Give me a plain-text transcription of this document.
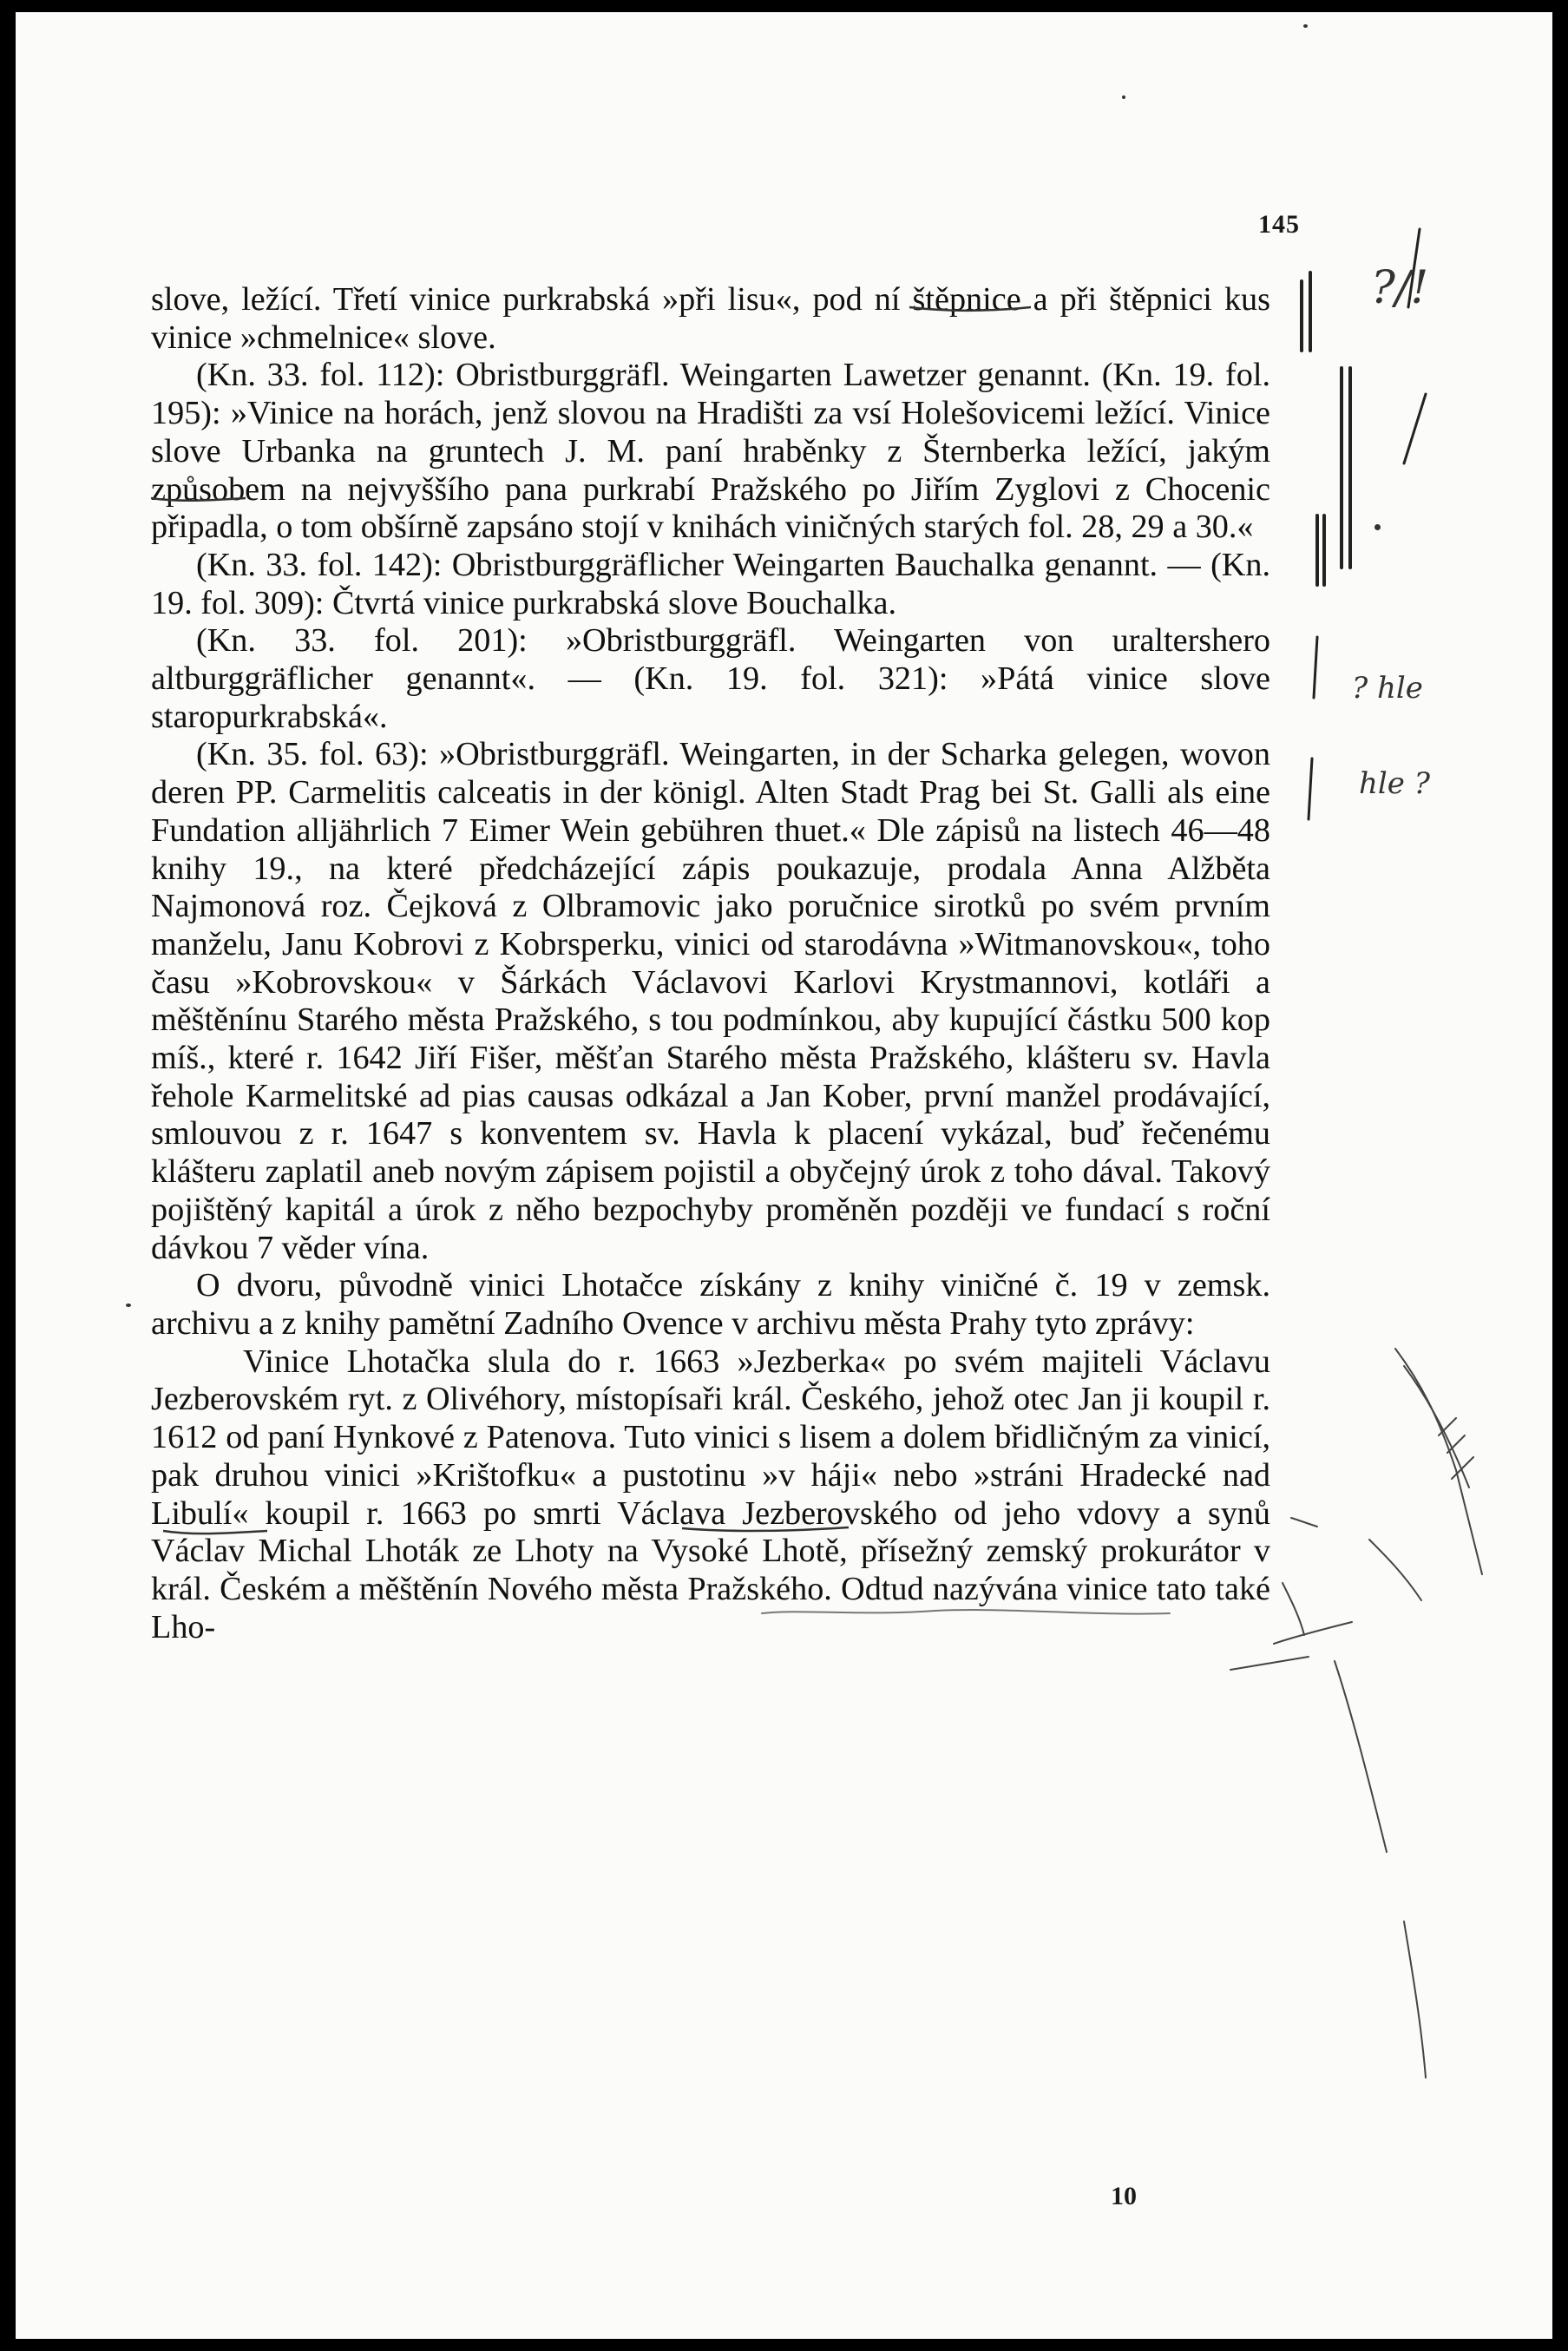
145

slove, ležící. Třetí vinice purkrabská »při lisu«, pod ní štěpnice a při štěpnici kus vinice »chmelnice« slove.

(Kn. 33. fol. 112): Obristburggräfl. Weingarten Lawetzer genannt. (Kn. 19. fol. 195): »Vinice na horách, jenž slovou na Hradišti za vsí Holešovicemi ležící. Vinice slove Urbanka na gruntech J. M. paní hraběnky z Šternberka ležící, jakým způsobem na nejvyššího pana purkrabí Pražského po Jiřím Zyglovi z Chocenic připadla, o tom obšírně zapsáno stojí v knihách viničných starých fol. 28, 29 a 30.«

(Kn. 33. fol. 142): Obristburggräflicher Weingarten Bauchalka genannt. — (Kn. 19. fol. 309): Čtvrtá vinice purkrabská slove Bouchalka.

(Kn. 33. fol. 201): »Obristburggräfl. Weingarten von uraltershero altburggräflicher genannt«. — (Kn. 19. fol. 321): »Pátá vinice slove staropurkrabská«.

(Kn. 35. fol. 63): »Obristburggräfl. Weingarten, in der Scharka gelegen, wovon deren PP. Carmelitis calceatis in der königl. Alten Stadt Prag bei St. Galli als eine Fundation alljährlich 7 Eimer Wein gebühren thuet.« Dle zápisů na listech 46—48 knihy 19., na které předcházející zápis poukazuje, prodala Anna Alžběta Najmonová roz. Čejková z Olbramovic jako poručnice sirotků po svém prvním manželu, Janu Kobrovi z Kobrsperku, vinici od starodávna »Witmanovskou«, toho času »Kobrovskou« v Šárkách Václavovi Karlovi Krystmannovi, kotláři a měštěnínu Starého města Pražského, s tou podmínkou, aby kupující částku 500 kop míš., které r. 1642 Jiří Fišer, měšťan Starého města Pražského, klášteru sv. Havla řehole Karmelitské ad pias causas odkázal a Jan Kober, první manžel prodávající, smlouvou z r. 1647 s konventem sv. Havla k placení vykázal, buď řečenému klášteru zaplatil aneb novým zápisem pojistil a obyčejný úrok z toho dával. Takový pojištěný kapitál a úrok z něho bezpochyby proměněn později ve fundací s roční dávkou 7 věder vína.

O dvoru, původně vinici Lhotačce získány z knihy viničné č. 19 v zemsk. archivu a z knihy pamětní Zadního Ovence v archivu města Prahy tyto zprávy:

Vinice Lhotačka slula do r. 1663 »Jezberka« po svém majiteli Václavu Jezberovském ryt. z Olivéhory, místopísaři král. Českého, jehož otec Jan ji koupil r. 1612 od paní Hynkové z Patenova. Tuto vinici s lisem a dolem břidličným za vinicí, pak druhou vinici »Krištofku« a pustotinu »v háji« nebo »stráni Hradecké nad Libulí« koupil r. 1663 po smrti Václava Jezberovského od jeho vdovy a synů Václav Michal Lhoták ze Lhoty na Vysoké Lhotě, přísežný zemský prokurátor v král. Českém a měštěnín Nového města Pražského. Odtud nazývána vinice tato také Lho-

10
?/!
? hle
hle ?
